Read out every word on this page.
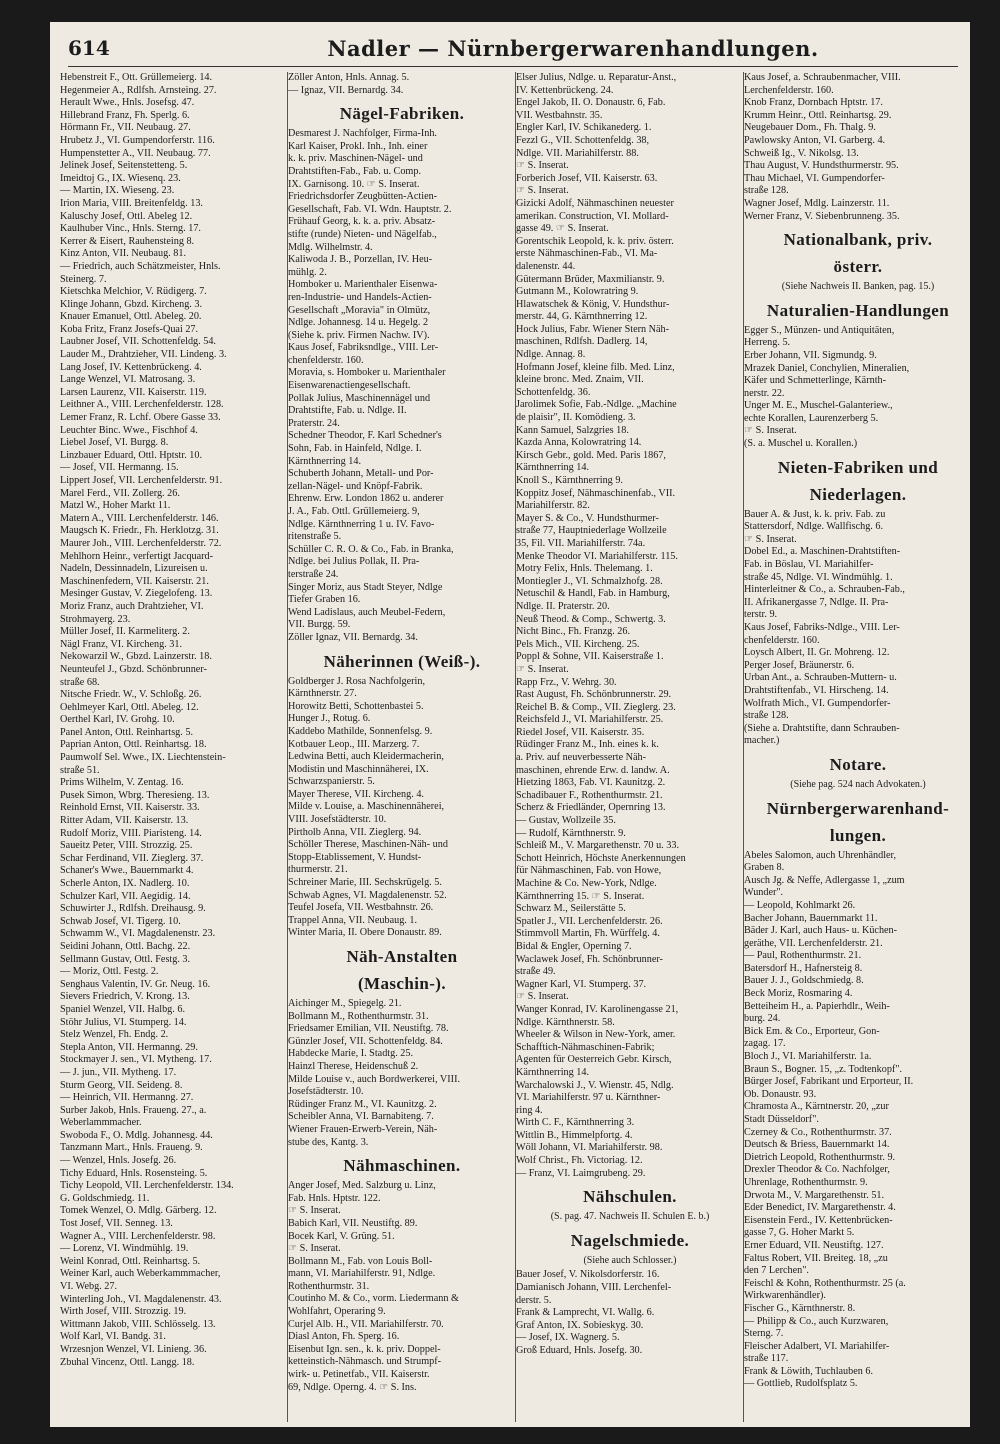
614	Nadler — Nürnbergerwarenhandlungen.
Hebenstreit F., Ott. Grüllemeierg. 14.
Hegenmeier A., Rdlfsh. Arnsteing. 27.
Herault Wwe., Hnls. Josefsg. 47.
Hillebrand Franz, Fh. Sperlg. 6.
Hörmann Fr., VII. Neubaug. 27.
Hrubetz J., VI. Gumpendorferstr. 116.
Humpenstetter A., VII. Neubaug. 77.
Jelinek Josef, Seitenstetteng. 5.
Imeidtoj G., IX. Wiesenq. 23.
— Martin, IX. Wieseng. 23.
Irion Maria, VIII. Breitenfeldg. 13.
Kaluschy Josef, Ottl. Abeleg 12.
Kaulhuber Vinc., Hnls. Sterng. 17.
Kerrer & Eisert, Rauhensteing 8.
Kinz Anton, VII. Neubaug. 81.
— Friedrich, auch Schätzmeister, Hnls.
Steinerg. 7.
Kietschka Melchior, V. Rüdigerg. 7.
Klinge Johann, Gbzd. Kircheng. 3.
Knauer Emanuel, Ottl. Abeleg. 20.
Koba Fritz, Franz Josefs-Quai 27.
Laubner Josef, VII. Schottenfeldg. 54.
Lauder M., Drahtzieher, VII. Lindeng. 3.
Lang Josef, IV. Kettenbrückeng. 4.
Lange Wenzel, VI. Matrosang. 3.
Larsen Laurenz, VII. Kaiserstr. 119.
Leithner A., VIII. Lerchenfelderstr. 128.
Lemer Franz, R. Lchf. Obere Gasse 33.
Leuchter Binc. Wwe., Fischhof 4.
Liebel Josef, VI. Burgg. 8.
Linzbauer Eduard, Ottl. Hptstr. 10.
— Josef, VII. Hermanng. 15.
Lippert Josef, VII. Lerchenfelderstr. 91.
Marel Ferd., VII. Zollerg. 26.
Matzl W., Hoher Markt 11.
Matern A., VIII. Lerchenfelderstr. 146.
Maugsch K. Friedr., Fh. Herklotzg. 31.
Maurer Joh., VIII. Lerchenfelderstr. 72.
Mehlhorn Heinr., verfertigt Jacquard-
Nadeln, Dessinnadeln, Lizureisen u.
Maschinenfedern, VII. Kaiserstr. 21.
Mesinger Gustav, V. Ziegelofeng. 13.
Moriz Franz, auch Drahtzieher, VI.
Strohmayerg. 23.
Müller Josef, II. Karmeliterg. 2.
Nägl Franz, VI. Kircheng. 31.
Nekowarzil W., Gbzd. Lainzerstr. 18.
Neunteufel J., Gbzd. Schönbrunner-
straße 68.
Nitsche Friedr. W., V. Schloßg. 26.
Oehlmeyer Karl, Ottl. Abeleg. 12.
Oerthel Karl, IV. Grohg. 10.
Panel Anton, Ottl. Reinhartsg. 5.
Paprian Anton, Ottl. Reinhartsg. 18.
Paumwolf Sel. Wwe., IX. Liechtenstein-
straße 51.
Prims Wilhelm, V. Zentag. 16.
Pusek Simon, Wbrg. Theresieng. 13.
Reinhold Ernst, VII. Kaiserstr. 33.
Ritter Adam, VII. Kaiserstr. 13.
Rudolf Moriz, VIII. Piaristeng. 14.
Saueitz Peter, VIII. Strozzig. 25.
Schar Ferdinand, VII. Zieglerg. 37.
Schaner's Wwe., Bauernmarkt 4.
Scherle Anton, IX. Nadlerg. 10.
Schulzer Karl, VII. Aegidig. 14.
Schuwirter J., Rdlfsh. Dreihausg. 9.
Schwab Josef, VI. Tigerg. 10.
Schwamm W., VI. Magdalenenstr. 23.
Seidini Johann, Ottl. Bachg. 22.
Sellmann Gustav, Ottl. Festg. 3.
— Moriz, Ottl. Festg. 2.
Senghaus Valentin, IV. Gr. Neug. 16.
Sievers Friedrich, V. Krong. 13.
Spaniel Wenzel, VII. Halbg. 6.
Stöhr Julius, VI. Stumperg. 14.
Stelz Wenzel, Fh. Endg. 2.
Stepla Anton, VII. Hermanng. 29.
Stockmayer J. sen., VI. Mytheng. 17.
— J. jun., VII. Mytheng. 17.
Sturm Georg, VII. Seideng. 8.
— Heinrich, VII. Hermanng. 27.
Surber Jakob, Hnls. Fraueng. 27., a.
Weberlammmacher.
Swoboda F., O. Mdlg. Johannesg. 44.
Tanzmann Mart., Hnls. Fraueng. 9.
— Wenzel, Hnls. Josefg. 26.
Tichy Eduard, Hnls. Rosensteing. 5.
Tichy Leopold, VII. Lerchenfelderstr. 134.
G. Goldschmiedg. 11.
Tomek Wenzel, O. Mdlg. Gärberg. 12.
Tost Josef, VII. Senneg. 13.
Wagner A., VIII. Lerchenfelderstr. 98.
— Lorenz, VI. Windmühlg. 19.
Weinl Konrad, Ottl. Reinhartsg. 5.
Weiner Karl, auch Weberkammmacher,
VI. Webg. 27.
Winterling Joh., VI. Magdalenenstr. 43.
Wirth Josef, VIII. Strozzig. 19.
Wittmann Jakob, VIII. Schlösselg. 13.
Wolf Karl, VI. Bandg. 31.
Wrzesnjon Wenzel, VI. Linieng. 36.
Zbuhal Vincenz, Ottl. Langg. 18.
Zöller Anton, Hnls. Annag. 5.
— Ignaz, VII. Bernardg. 34.
Nägel-Fabriken.
Desmarest J. Nachfolger, Firma-Inh.
Karl Kaiser, Prokl. Inh., Inh. einer
k. k. priv. Maschinen-Nägel- und
Drahtstiften-Fab., Fab. u. Comp.
IX. Garnisong. 10. ☞ S. Inserat.
Friedrichsdorfer Zeugbütten-Actien-
Gesellschaft, Fab. VI. Wdn. Hauptstr. 2.
Frühauf Georg, k. k. a. priv. Absatz-
stifte (runde) Nieten- und Nägelfab.,
Mdlg. Wilhelmstr. 4.
Kaliwoda J. B., Porzellan, IV. Heu-
mühlg. 2.
Homboker u. Marienthaler Eisenwa-
ren-Industrie- und Handels-Actien-
Gesellschaft „Moravia" in Olmütz,
Ndlge. Johannesg. 14 u. Hegelg. 2
(Siehe k. priv. Firmen Nachw. IV).
Kaus Josef, Fabriksndlge., VIII. Ler-
chenfelderstr. 160.
Moravia, s. Homboker u. Marienthaler
Eisenwarenactiengesellschaft.
Pollak Julius, Maschinennägel und
Drahtstifte, Fab. u. Ndlge. II.
Praterstr. 24.
Schedner Theodor, F. Karl Schedner's
Sohn, Fab. in Hainfeld, Ndlge. I.
Kärnthnerring 14.
Schuberth Johann, Metall- und Por-
zellan-Nägel- und Knöpf-Fabrik.
Ehrenw. Erw. London 1862 u. anderer
J. A., Fab. Ottl. Grüllemeierg. 9,
Ndlge. Kärnthnerring 1 u. IV. Favo-
ritenstraße 5.
Schüller C. R. O. & Co., Fab. in Branka,
Ndlge. bei Julius Pollak, II. Pra-
terstraße 24.
Singer Moriz, aus Stadt Steyer, Ndlge
Tiefer Graben 16.
Wend Ladislaus, auch Meubel-Federn,
VII. Burgg. 59.
Zöller Ignaz, VII. Bernardg. 34.
Näherinnen (Weiß-).
Goldberger J. Rosa Nachfolgerin,
Kärnthnerstr. 27.
Horowitz Betti, Schottenbastei 5.
Hunger J., Rotug. 6.
Kaddebo Mathilde, Sonnenfelsg. 9.
Kotbauer Leop., III. Marzerg. 7.
Ledwina Betti, auch Kleidermacherin,
Modistin und Maschinnäherei, IX.
Schwarzspanierstr. 5.
Mayer Therese, VII. Kircheng. 4.
Milde v. Louise, a. Maschinennäherei,
VIII. Josefstädterstr. 10.
Pirtholb Anna, VII. Zieglerg. 94.
Schöller Therese, Maschinen-Näh- und
Stopp-Etablissement, V. Hundst-
thurmerstr. 21.
Schreiner Marie, III. Sechskrügelg. 5.
Schwab Agnes, VI. Magdalenenstr. 52.
Teufel Josefa, VII. Westbahnstr. 26.
Trappel Anna, VII. Neubaug. 1.
Winter Maria, II. Obere Donaustr. 89.
Näh-Anstalten
(Maschin-).
Aichinger M., Spiegelg. 21.
Bollmann M., Rothenthurmstr. 31.
Friedsamer Emilian, VII. Neustiftg. 78.
Günzler Josef, VII. Schottenfeldg. 84.
Habdecke Marie, I. Stadtg. 25.
Hainzl Therese, Heidenschuß 2.
Milde Louise v., auch Bordwerkerei, VIII.
Josefstädterstr. 10.
Rüdinger Franz M., VI. Kaunitzg. 2.
Scheibler Anna, VI. Barnabiteng. 7.
Wiener Frauen-Erwerb-Verein, Näh-
stube des, Kantg. 3.
Nähmaschinen.
Anger Josef, Med. Salzburg u. Linz,
Fab. Hnls. Hptstr. 122.
☞ S. Inserat.
Babich Karl, VII. Neustiftg. 89.
Bocek Karl, V. Grüng. 51.
☞ S. Inserat.
Bollmann M., Fab. von Louis Boll-
mann, VI. Mariahilferstr. 91, Ndlge.
Rothenthurmstr. 31.
Coutinho M. & Co., vorm. Liedermann &
Wohlfahrt, Operaring 9.
Curjel Alb. H., VII. Mariahilferstr. 70.
Diasl Anton, Fh. Sperg. 16.
Eisenbut Ign. sen., k. k. priv. Doppel-
ketteinstich-Nähmasch. und Strumpf-
wirk- u. Petinetfab., VII. Kaiserstr.
69, Ndlge. Operng. 4. ☞ S. Ins.
Elser Julius, Ndlge. u. Reparatur-Anst.,
IV. Kettenbrückeng. 24.
Engel Jakob, II. O. Donaustr. 6, Fab.
VII. Westbahnstr. 35.
Engler Karl, IV. Schikanederg. 1.
Fezzl G., VII. Schottenfeldg. 38,
Ndlge. VII. Mariahilferstr. 88.
☞ S. Inserat.
Forberich Josef, VII. Kaiserstr. 63.
☞ S. Inserat.
Gizicki Adolf, Nähmaschinen neuester
amerikan. Construction, VI. Mollard-
gasse 49. ☞ S. Inserat.
Gorentschik Leopold, k. k. priv. österr.
erste Nähmaschinen-Fab., VI. Ma-
dalenenstr. 44.
Gütermann Brüder, Maxmilianstr. 9.
Gutmann M., Kolowratring 9.
Hlawatschek & König, V. Hundsthur-
merstr. 44, G. Kärnthnerring 12.
Hock Julius, Fabr. Wiener Stern Näh-
maschinen, Rdlfsh. Dadlerg. 14,
Ndlge. Annag. 8.
Hofmann Josef, kleine filb. Med. Linz,
kleine bronc. Med. Znaim, VII.
Schottenfeldg. 36.
Jarolimek Sofie, Fab.-Ndlge. „Machine
de plaisir", II. Komödieng. 3.
Kann Samuel, Salzgries 18.
Kazda Anna, Kolowratring 14.
Kirsch Gebr., gold. Med. Paris 1867,
Kärnthnerring 14.
Knoll S., Kärnthnerring 9.
Koppitz Josef, Nähmaschinenfab., VII.
Mariahilferstr. 82.
Mayer S. & Co., V. Hundsthurmer-
straße 77, Hauptniederlage Wollzeile
35, Fil. VII. Mariahilferstr. 74a.
Menke Theodor VI. Mariahilferstr. 115.
Motry Felix, Hnls. Thelemang. 1.
Montiegler J., VI. Schmalzhofg. 28.
Netuschil & Handl, Fab. in Hamburg,
Ndlge. II. Praterstr. 20.
Neuß Theod. & Comp., Schwertg. 3.
Nicht Binc., Fh. Franzg. 26.
Pels Mich., VII. Kircheng. 25.
Poppl & Sohne, VII. Kaiserstraße 1.
☞ S. Inserat.
Rapp Frz., V. Wehrg. 30.
Rast August, Fh. Schönbrunnerstr. 29.
Reichel B. & Comp., VII. Zieglerg. 23.
Reichsfeld J., VI. Mariahilferstr. 25.
Riedel Josef, VII. Kaiserstr. 35.
Rüdinger Franz M., Inh. eines k. k.
a. Priv. auf neuverbesserte Näh-
maschinen, ehrende Erw. d. landw. A.
Hietzing 1863, Fab. VI. Kaunitzg. 2.
Schadibauer F., Rothenthurmstr. 21.
Scherz & Friedländer, Opernring 13.
— Gustav, Wollzeile 35.
— Rudolf, Kärnthnerstr. 9.
Schleiß M., V. Margarethenstr. 70 u. 33.
Schott Heinrich, Höchste Anerkennungen
für Nähmaschinen, Fab. von Howe,
Machine & Co. New-York, Ndlge.
Kärnthnerring 15. ☞ S. Inserat.
Schwarz M., Seilerstätte 5.
Spatler J., VII. Lerchenfelderstr. 26.
Stimmvoll Martin, Fh. Würffelg. 4.
Bidal & Engler, Operning 7.
Waclawek Josef, Fh. Schönbrunner-
straße 49.
Wagner Karl, VI. Stumperg. 37.
☞ S. Inserat.
Wanger Konrad, IV. Karolinengasse 21,
Ndlge. Kärnthnerstr. 58.
Wheeler & Wilson in New-York, amer.
Schafftich-Nähmaschinen-Fabrik;
Agenten für Oesterreich Gebr. Kirsch,
Kärnthnerring 14.
Warchalowski J., V. Wienstr. 45, Ndlg.
VI. Mariahilferstr. 97 u. Kärnthner-
ring 4.
Wirth C. F., Kärnthnerring 3.
Wittlin B., Himmelpfortg. 4.
Wöll Johann, VI. Mariahilferstr. 98.
Wolf Christ., Fh. Victoriag. 12.
— Franz, VI. Laimgrubeng. 29.
Nähschulen.
(S. pag. 47. Nachweis II. Schulen E. b.)
Nagelschmiede.
(Siehe auch Schlosser.)
Bauer Josef, V. Nikolsdorferstr. 16.
Damianisch Johann, VIII. Lerchenfel-
derstr. 5.
Frank & Lamprecht, VI. Wallg. 6.
Graf Anton, IX. Sobieskyg. 30.
— Josef, IX. Wagnerg. 5.
Groß Eduard, Hnls. Josefg. 30.
Kaus Josef, a. Schraubenmacher, VIII.
Lerchenfelderstr. 160.
Knob Franz, Dornbach Hptstr. 17.
Krumm Heinr., Ottl. Reinhartsg. 29.
Neugebauer Dom., Fh. Thalg. 9.
Pawlowsky Anton, VI. Garberg. 4.
Schweiß Ig., V. Nikolsg. 13.
Thau August, V. Hundsthurmerstr. 95.
Thau Michael, VI. Gumpendorfer-
straße 128.
Wagner Josef, Mdlg. Lainzerstr. 11.
Werner Franz, V. Siebenbrunneng. 35.
Nationalbank, priv.
österr.
(Siehe Nachweis II. Banken, pag. 15.)
Naturalien-Handlungen
Egger S., Münzen- und Antiquitäten,
Herreng. 5.
Erber Johann, VII. Sigmundg. 9.
Mrazek Daniel, Conchylien, Mineralien,
Käfer und Schmetterlinge, Kärnth-
nerstr. 22.
Unger M. E., Muschel-Galanteriew.,
echte Korallen, Laurenzerberg 5.
☞ S. Inserat.
(S. a. Muschel u. Korallen.)
Nieten-Fabriken und
Niederlagen.
Bauer A. & Just, k. k. priv. Fab. zu
Stattersdorf, Ndlge. Wallfischg. 6.
☞ S. Inserat.
Dobel Ed., a. Maschinen-Drahtstiften-
Fab. in Böslau, VI. Mariahilfer-
straße 45, Ndlge. VI. Windmühlg. 1.
Hinterleitner & Co., a. Schrauben-Fab.,
II. Afrikanergasse 7, Ndlge. II. Pra-
terstr. 9.
Kaus Josef, Fabriks-Ndlge., VIII. Ler-
chenfelderstr. 160.
Loysch Albert, II. Gr. Mohreng. 12.
Perger Josef, Bräunerstr. 6.
Urban Ant., a. Schrauben-Muttern- u.
Drahtstiftenfab., VI. Hirscheng. 14.
Wolfrath Mich., VI. Gumpendorfer-
straße 128.
(Siehe a. Drahtstifte, dann Schrauben-
macher.)
Notare.
(Siehe pag. 524 nach Advokaten.)
Nürnbergerwarenhand-
lungen.
Abeles Salomon, auch Uhrenhändler,
Graben 8.
Ausch Jg. & Neffe, Adlergasse 1, „zum
Wunder".
— Leopold, Kohlmarkt 26.
Bacher Johann, Bauernmarkt 11.
Bäder J. Karl, auch Haus- u. Küchen-
geräthe, VII. Lerchenfelderstr. 21.
— Paul, Rothenthurmstr. 21.
Batersdorf H., Hafnersteig 8.
Bauer J. J., Goldschmiedg. 8.
Beck Moriz, Rosmaring 4.
Betteiheim H., a. Papierhdlr., Weih-
burg. 24.
Bick Em. & Co., Erporteur, Gon-
zagag. 17.
Bloch J., VI. Mariahilferstr. 1a.
Braun S., Bogner. 15, „z. Todtenkopf".
Bürger Josef, Fabrikant und Erporteur, II.
Ob. Donaustr. 93.
Chramosta A., Kärntnerstr. 20, „zur
Stadt Düsseldorf".
Czerney & Co., Rothenthurmstr. 37.
Deutsch & Briess, Bauernmarkt 14.
Dietrich Leopold, Rothenthurmstr. 9.
Drexler Theodor & Co. Nachfolger,
Uhrenlage, Rothenthurmstr. 9.
Drwota M., V. Margarethenstr. 51.
Eder Benedict, IV. Margarethenstr. 4.
Eisenstein Ferd., IV. Kettenbrücken-
gasse 7, G. Hoher Markt 5.
Erner Eduard, VII. Neustiftg. 127.
Faltus Robert, VII. Breiteg. 18, „zu
den 7 Lerchen".
Feischl & Kohn, Rothenthurmstr. 25 (a.
Wirkwarenhändler).
Fischer G., Kärnthnerstr. 8.
— Philipp & Co., auch Kurzwaren,
Sterng. 7.
Fleischer Adalbert, VI. Mariahilfer-
straße 117.
Frank & Löwith, Tuchlauben 6.
— Gottlieb, Rudolfsplatz 5.
